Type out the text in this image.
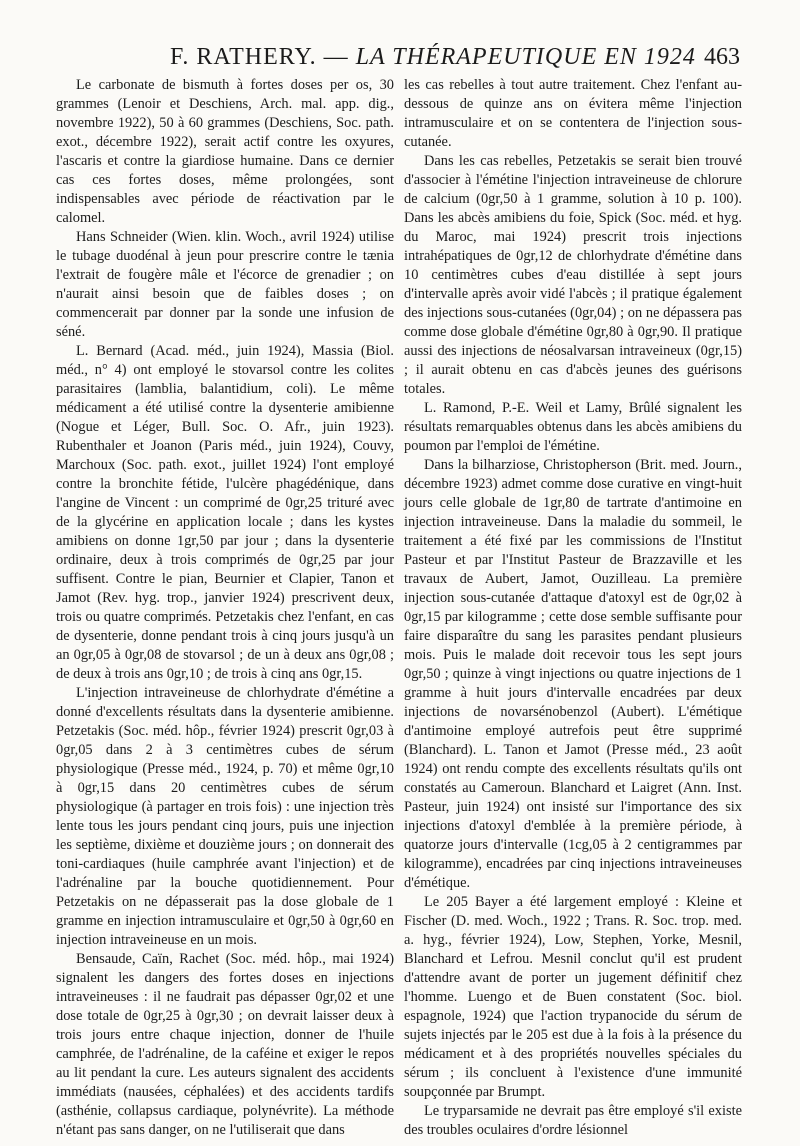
F. RATHERY. — LA THÉRAPEUTIQUE EN 1924 463

Le carbonate de bismuth à fortes doses per os, 30 grammes (Lenoir et Deschiens, Arch. mal. app. dig., novembre 1922), 50 à 60 grammes (Deschiens, Soc. path. exot., décembre 1922), serait actif contre les oxyures, l'ascaris et contre la giardiose humaine. Dans ce dernier cas ces fortes doses, même prolongées, sont indispensables avec période de réactivation par le calomel.

Hans Schneider (Wien. klin. Woch., avril 1924) utilise le tubage duodénal à jeun pour prescrire contre le tænia l'extrait de fougère mâle et l'écorce de grenadier ; on n'aurait ainsi besoin que de faibles doses ; on commencerait par donner par la sonde une infusion de séné.

L. Bernard (Acad. méd., juin 1924), Massia (Biol. méd., n° 4) ont employé le stovarsol contre les colites parasitaires (lamblia, balantidium, coli). Le même médicament a été utilisé contre la dysenterie amibienne (Nogue et Léger, Bull. Soc. O. Afr., juin 1923). Rubenthaler et Joanon (Paris méd., juin 1924), Couvy, Marchoux (Soc. path. exot., juillet 1924) l'ont employé contre la bronchite fétide, l'ulcère phagédénique, dans l'angine de Vincent : un comprimé de 0gr,25 trituré avec de la glycérine en application locale ; dans les kystes amibiens on donne 1gr,50 par jour ; dans la dysenterie ordinaire, deux à trois comprimés de 0gr,25 par jour suffisent. Contre le pian, Beurnier et Clapier, Tanon et Jamot (Rev. hyg. trop., janvier 1924) prescrivent deux, trois ou quatre comprimés. Petzetakis chez l'enfant, en cas de dysenterie, donne pendant trois à cinq jours jusqu'à un an 0gr,05 à 0gr,08 de stovarsol ; de un à deux ans 0gr,08 ; de deux à trois ans 0gr,10 ; de trois à cinq ans 0gr,15.

L'injection intraveineuse de chlorhydrate d'émétine a donné d'excellents résultats dans la dysenterie amibienne. Petzetakis (Soc. méd. hôp., février 1924) prescrit 0gr,03 à 0gr,05 dans 2 à 3 centimètres cubes de sérum physiologique (Presse méd., 1924, p. 70) et même 0gr,10 à 0gr,15 dans 20 centimètres cubes de sérum physiologique (à partager en trois fois) : une injection très lente tous les jours pendant cinq jours, puis une injection les septième, dixième et douzième jours ; on donnerait des toni-cardiaques (huile camphrée avant l'injection) et de l'adrénaline par la bouche quotidiennement. Pour Petzetakis on ne dépasserait pas la dose globale de 1 gramme en injection intramusculaire et 0gr,50 à 0gr,60 en injection intraveineuse en un mois.

Bensaude, Caïn, Rachet (Soc. méd. hôp., mai 1924) signalent les dangers des fortes doses en injections intraveineuses : il ne faudrait pas dépasser 0gr,02 et une dose totale de 0gr,25 à 0gr,30 ; on devrait laisser deux à trois jours entre chaque injection, donner de l'huile camphrée, de l'adrénaline, de la caféine et exiger le repos au lit pendant la cure. Les auteurs signalent des accidents immédiats (nausées, céphalées) et des accidents tardifs (asthénie, collapsus cardiaque, polynévrite). La méthode n'étant pas sans danger, on ne l'utiliserait que dans

les cas rebelles à tout autre traitement. Chez l'enfant au-dessous de quinze ans on évitera même l'injection intramusculaire et on se contentera de l'injection sous-cutanée.

Dans les cas rebelles, Petzetakis se serait bien trouvé d'associer à l'émétine l'injection intraveineuse de chlorure de calcium (0gr,50 à 1 gramme, solution à 10 p. 100). Dans les abcès amibiens du foie, Spick (Soc. méd. et hyg. du Maroc, mai 1924) prescrit trois injections intrahépatiques de 0gr,12 de chlorhydrate d'émétine dans 10 centimètres cubes d'eau distillée à sept jours d'intervalle après avoir vidé l'abcès ; il pratique également des injections sous-cutanées (0gr,04) ; on ne dépassera pas comme dose globale d'émétine 0gr,80 à 0gr,90. Il pratique aussi des injections de néosalvarsan intraveineux (0gr,15) ; il aurait obtenu en cas d'abcès jeunes des guérisons totales.

L. Ramond, P.-E. Weil et Lamy, Brûlé signalent les résultats remarquables obtenus dans les abcès amibiens du poumon par l'emploi de l'émétine.

Dans la bilharziose, Christopherson (Brit. med. Journ., décembre 1923) admet comme dose curative en vingt-huit jours celle globale de 1gr,80 de tartrate d'antimoine en injection intraveineuse. Dans la maladie du sommeil, le traitement a été fixé par les commissions de l'Institut Pasteur et par l'Institut Pasteur de Brazzaville et les travaux de Aubert, Jamot, Ouzilleau. La première injection sous-cutanée d'attaque d'atoxyl est de 0gr,02 à 0gr,15 par kilogramme ; cette dose semble suffisante pour faire disparaître du sang les parasites pendant plusieurs mois. Puis le malade doit recevoir tous les sept jours 0gr,50 ; quinze à vingt injections ou quatre injections de 1 gramme à huit jours d'intervalle encadrées par deux injections de novarsénobenzol (Aubert). L'émétique d'antimoine employé autrefois peut être supprimé (Blanchard). L. Tanon et Jamot (Presse méd., 23 août 1924) ont rendu compte des excellents résultats qu'ils ont constatés au Cameroun. Blanchard et Laigret (Ann. Inst. Pasteur, juin 1924) ont insisté sur l'importance des six injections d'atoxyl d'emblée à la première période, à quatorze jours d'intervalle (1cg,05 à 2 centigrammes par kilogramme), encadrées par cinq injections intraveineuses d'émétique.

Le 205 Bayer a été largement employé : Kleine et Fischer (D. med. Woch., 1922 ; Trans. R. Soc. trop. med. a. hyg., février 1924), Low, Stephen, Yorke, Mesnil, Blanchard et Lefrou. Mesnil conclut qu'il est prudent d'attendre avant de porter un jugement définitif chez l'homme. Luengo et de Buen constatent (Soc. biol. espagnole, 1924) que l'action trypanocide du sérum de sujets injectés par le 205 est due à la fois à la présence du médicament et à des propriétés nouvelles spéciales du sérum ; ils concluent à l'existence d'une immunité soupçonnée par Brumpt.

Le tryparsamide ne devrait pas être employé s'il existe des troubles oculaires d'ordre lésionnel
